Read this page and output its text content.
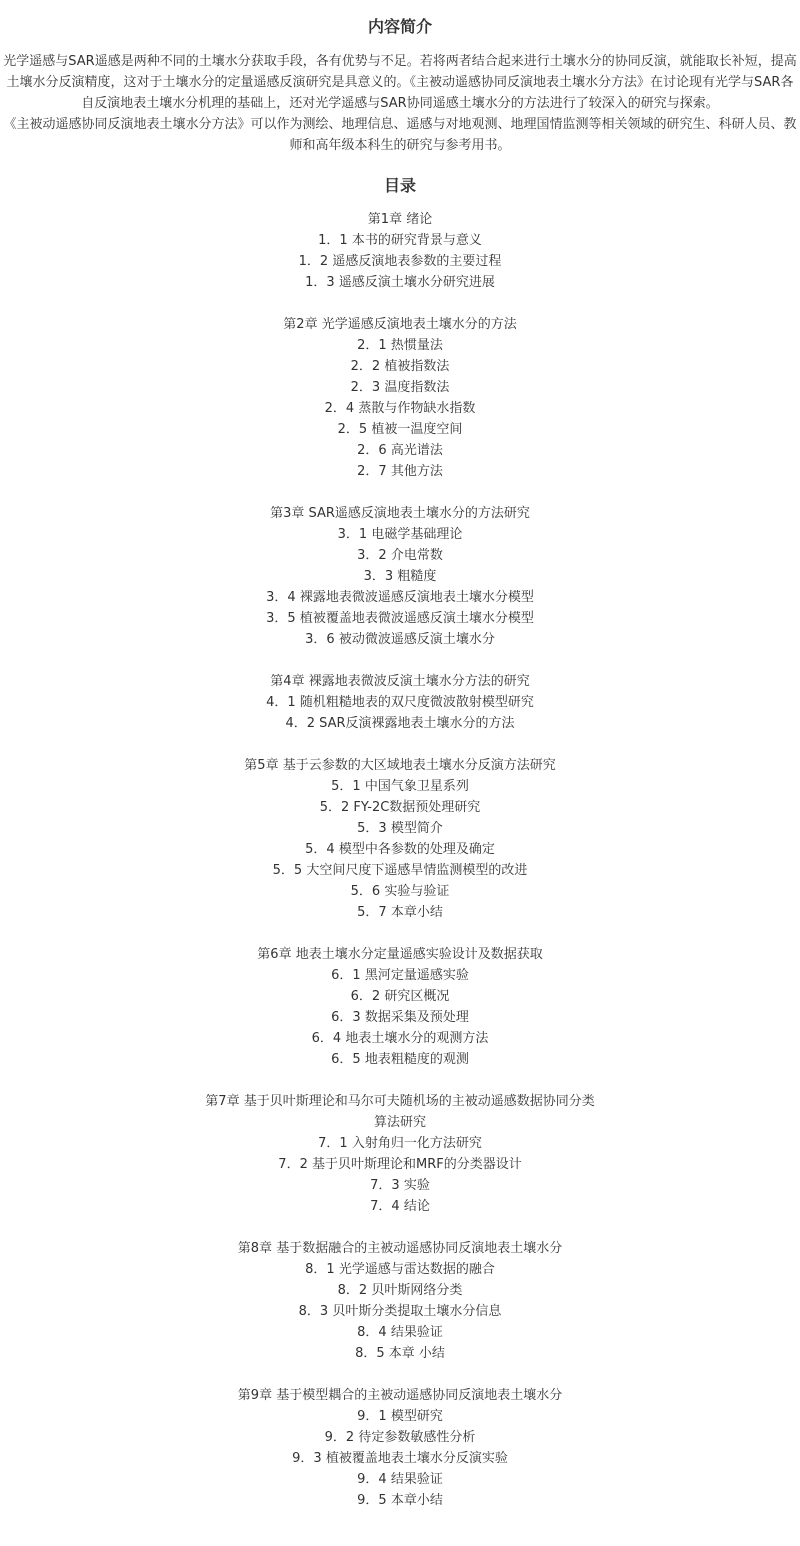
内容简介

光学遥感与SAR遥感是两种不同的土壤水分获取手段，各有优势与不足。若将两者结合起来进行土壤水分的协同反演，就能取长补短，提高土壤水分反演精度，这对于土壤水分的定量遥感反演研究是具意义的。《主被动遥感协同反演地表土壤水分方法》在讨论现有光学与SAR各自反演地表土壤水分机理的基础上，还对光学遥感与SAR协同遥感土壤水分的方法进行了较深入的研究与探索。

《主被动遥感协同反演地表土壤水分方法》可以作为测绘、地理信息、遥感与对地观测、地理国情监测等相关领域的研究生、科研人员、教师和高年级本科生的研究与参考用书。

目录
第1章 绪论
1．1 本书的研究背景与意义
1．2 遥感反演地表参数的主要过程
1．3 遥感反演土壤水分研究进展
第2章 光学遥感反演地表土壤水分的方法
2．1 热惯量法
2．2 植被指数法
2．3 温度指数法
2．4 蒸散与作物缺水指数
2．5 植被一温度空间
2．6 高光谱法
2．7 其他方法
第3章 SAR遥感反演地表土壤水分的方法研究
3．1 电磁学基础理论
3．2 介电常数
3．3 粗糙度
3．4 裸露地表微波遥感反演地表土壤水分模型
3．5 植被覆盖地表微波遥感反演土壤水分模型
3．6 被动微波遥感反演土壤水分
第4章 裸露地表微波反演土壤水分方法的研究
4．1 随机粗糙地表的双尺度微波散射模型研究
4．2 SAR反演裸露地表土壤水分的方法
第5章 基于云参数的大区域地表土壤水分反演方法研究
5．1 中国气象卫星系列
5．2 FY-2C数据预处理研究
5．3 模型简介
5．4 模型中各参数的处理及确定
5．5 大空间尺度下遥感旱情监测模型的改进
5．6 实验与验证
5．7 本章小结
第6章 地表土壤水分定量遥感实验设计及数据获取
6．1 黑河定量遥感实验
6．2 研究区概况
6．3 数据采集及预处理
6．4 地表土壤水分的观测方法
6．5 地表粗糙度的观测
第7章 基于贝叶斯理论和马尔可夫随机场的主被动遥感数据协同分类
算法研究
7．1 入射角归一化方法研究
7．2 基于贝叶斯理论和MRF的分类器设计
7．3 实验
7．4 结论
第8章 基于数据融合的主被动遥感协同反演地表土壤水分
8．1 光学遥感与雷达数据的融合
8．2 贝叶斯网络分类
8．3 贝叶斯分类提取土壤水分信息
8．4 结果验证
8．5 本章 小结
第9章 基于模型耦合的主被动遥感协同反演地表土壤水分
9．1 模型研究
9．2 待定参数敏感性分析
9．3 植被覆盖地表土壤水分反演实验
9．4 结果验证
9．5 本章小结
